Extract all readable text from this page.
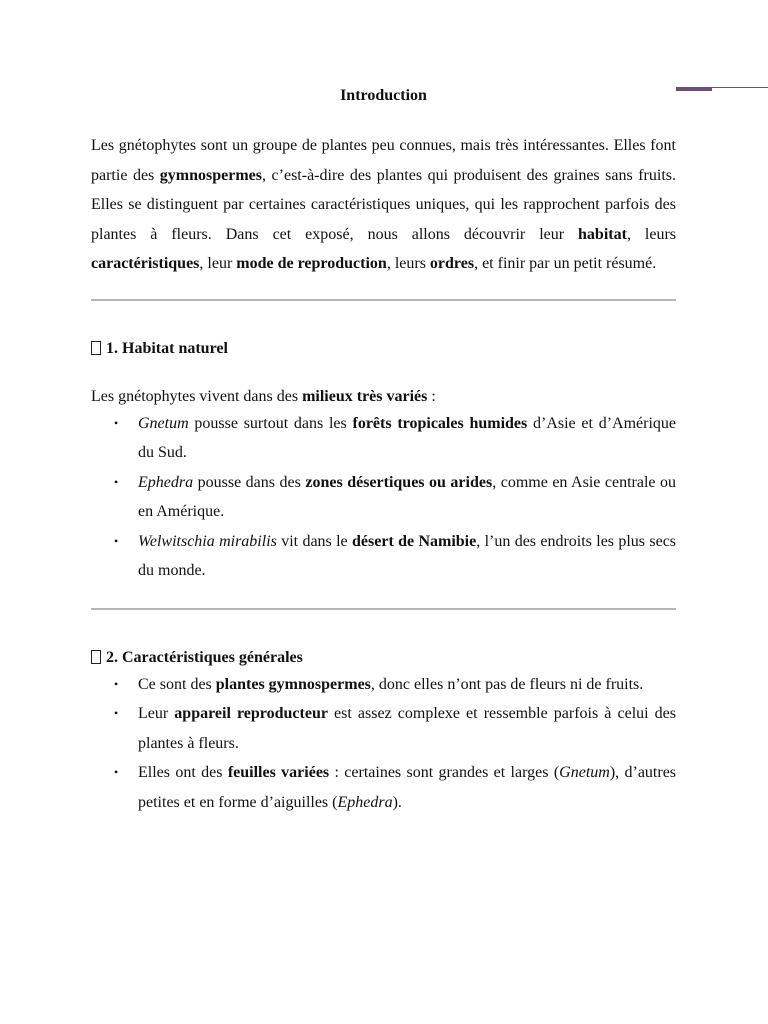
Introduction

Les gnétophytes sont un groupe de plantes peu connues, mais très intéressantes. Elles font partie des gymnospermes, c’est-à-dire des plantes qui produisent des graines sans fruits. Elles se distinguent par certaines caractéristiques uniques, qui les rapprochent parfois des plantes à fleurs. Dans cet exposé, nous allons découvrir leur habitat, leurs caractéristiques, leur mode de reproduction, leurs ordres, et finir par un petit résumé.

1. Habitat naturel

Les gnétophytes vivent dans des milieux très variés :

• Gnetum pousse surtout dans les forêts tropicales humides d’Asie et d’Amérique du Sud.
• Ephedra pousse dans des zones désertiques ou arides, comme en Asie centrale ou en Amérique.
• Welwitschia mirabilis vit dans le désert de Namibie, l’un des endroits les plus secs du monde.

2. Caractéristiques générales

• Ce sont des plantes gymnospermes, donc elles n’ont pas de fleurs ni de fruits.
• Leur appareil reproducteur est assez complexe et ressemble parfois à celui des plantes à fleurs.
• Elles ont des feuilles variées : certaines sont grandes et larges (Gnetum), d’autres petites et en forme d’aiguilles (Ephedra).
